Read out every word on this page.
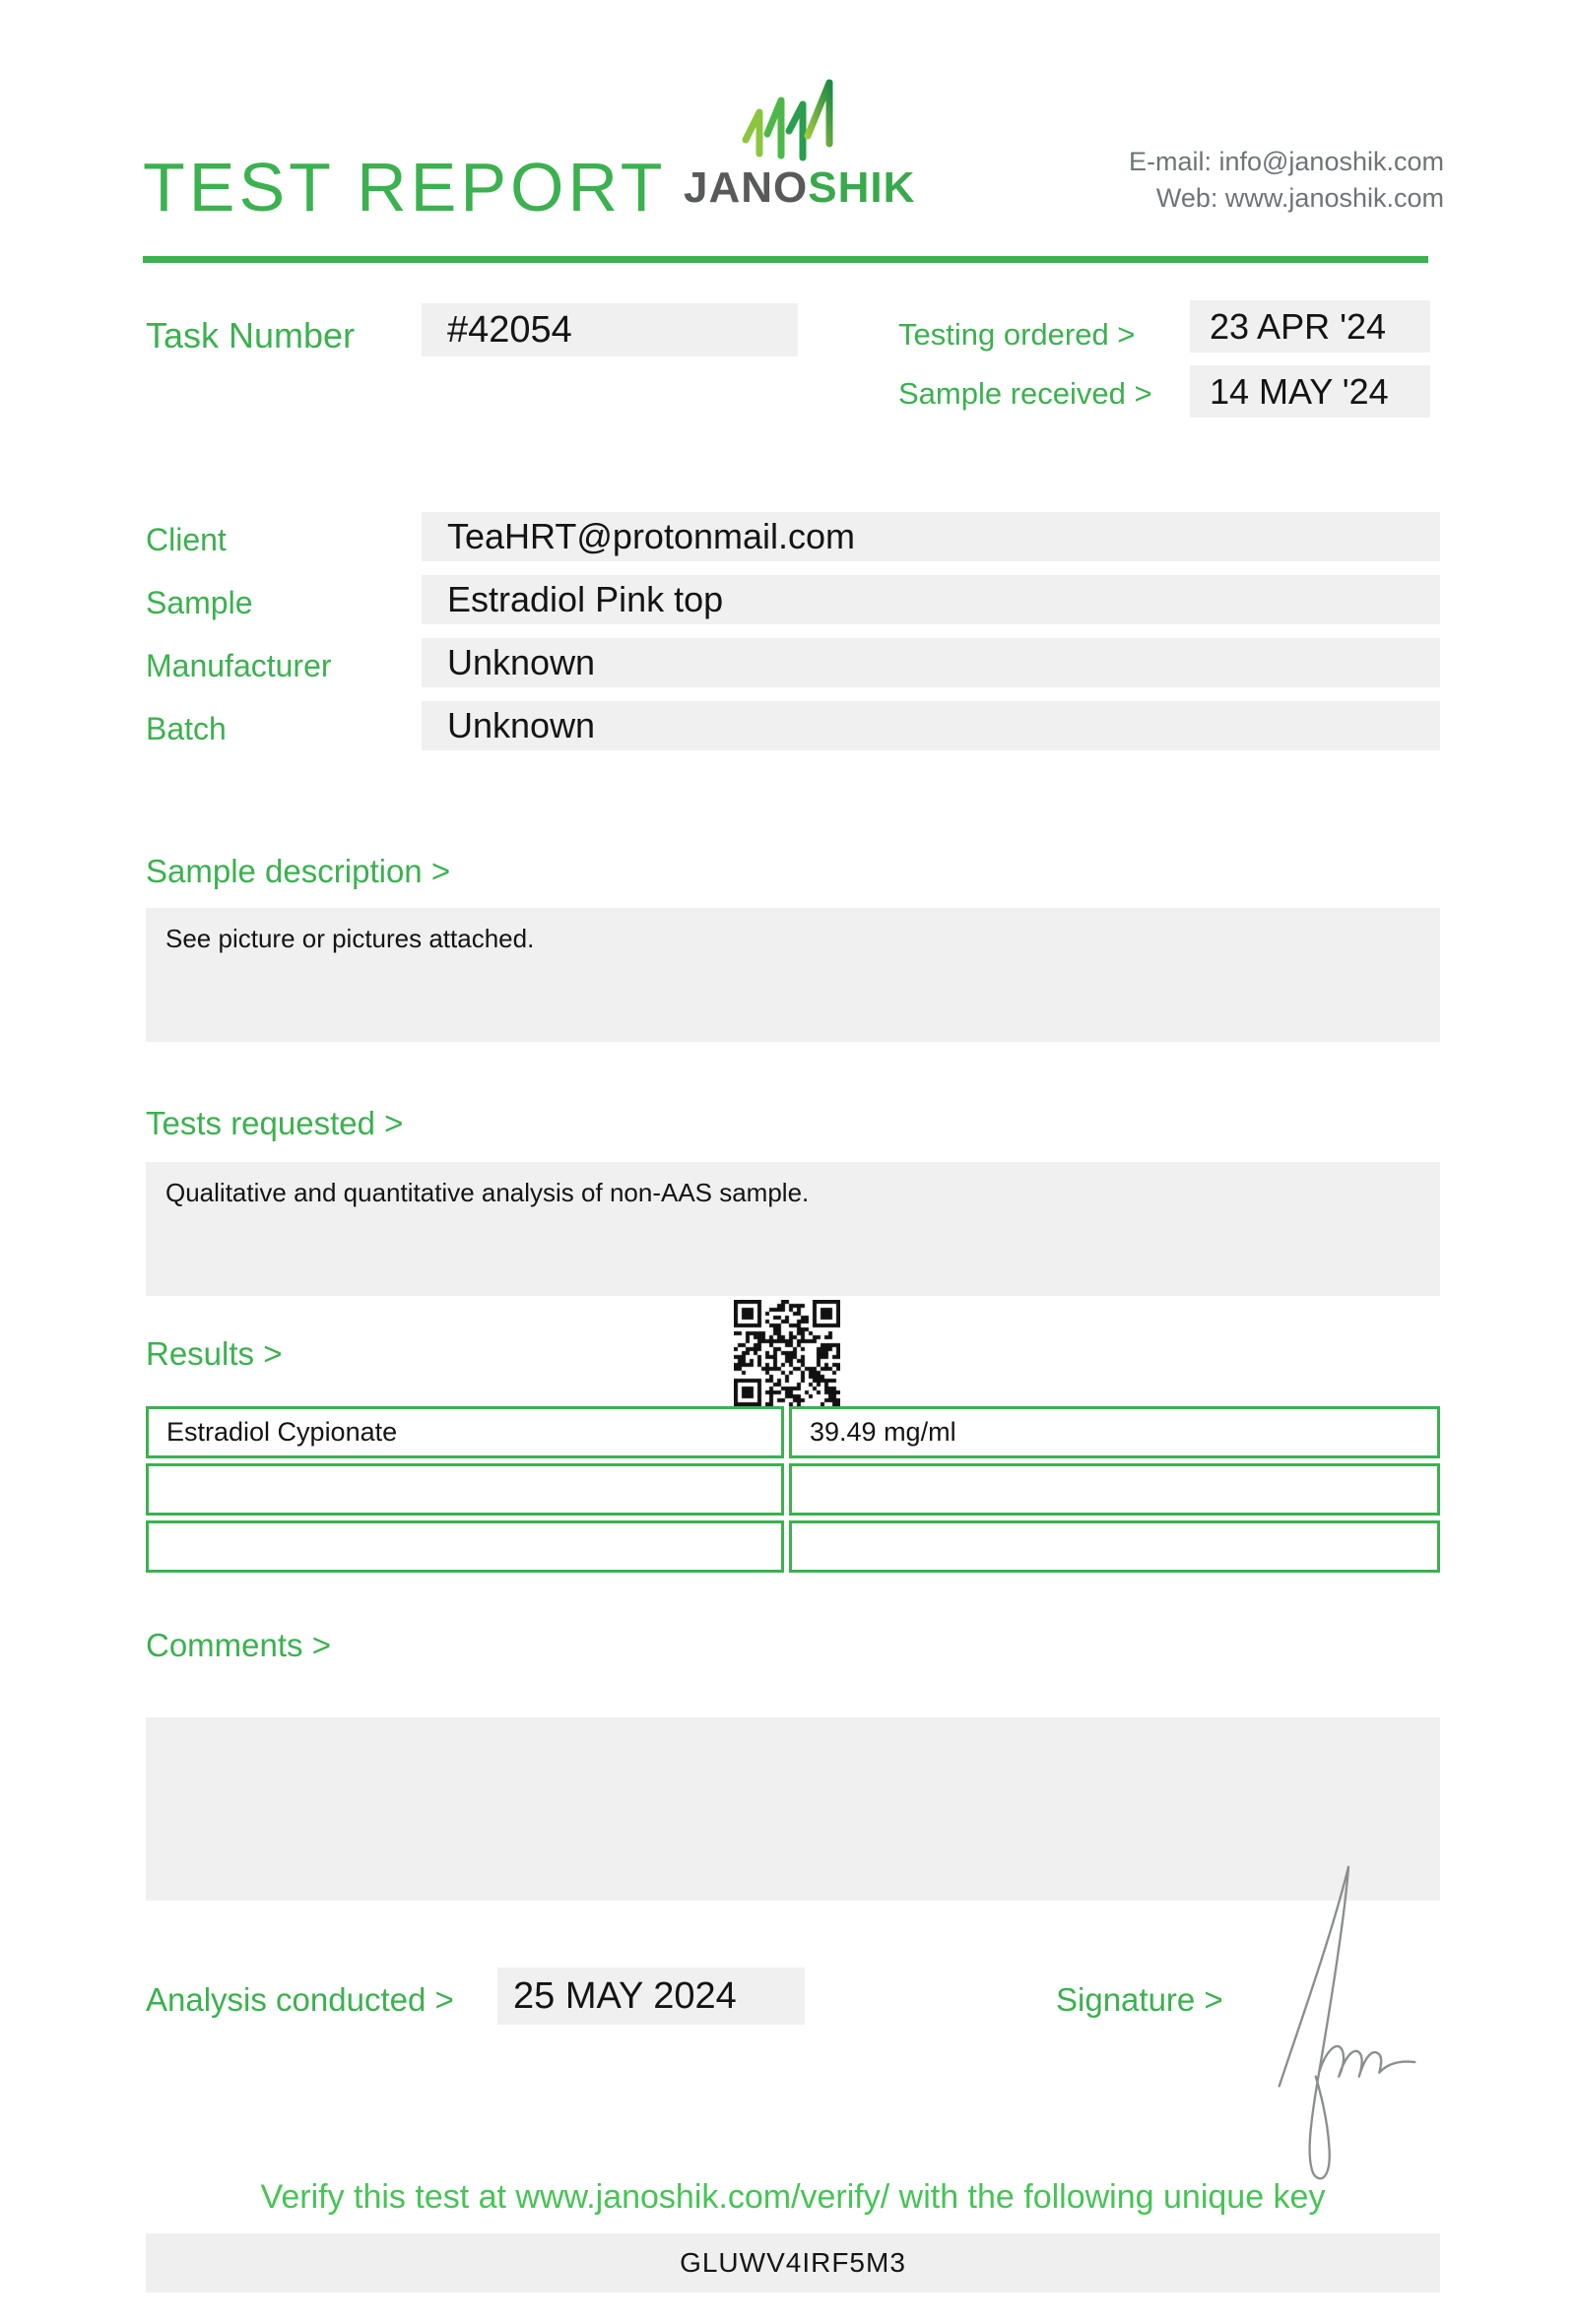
TEST REPORT JANOSHIK
E-mail: info@janoshik.com
Web: www.janoshik.com
Task Number	#42054	Testing ordered >	23 APR '24
Sample received >	14 MAY '24
Client	TeaHRT@protonmail.com
Sample	Estradiol Pink top
Manufacturer	Unknown
Batch	Unknown
Sample description >
See picture or pictures attached.
Tests requested >
Qualitative and quantitative analysis of non-AAS sample.
Results >
Estradiol Cypionate	39.49 mg/ml
Comments >
Analysis conducted >	25 MAY 2024	Signature >
Verify this test at www.janoshik.com/verify/ with the following unique key
GLUWV4IRF5M3
